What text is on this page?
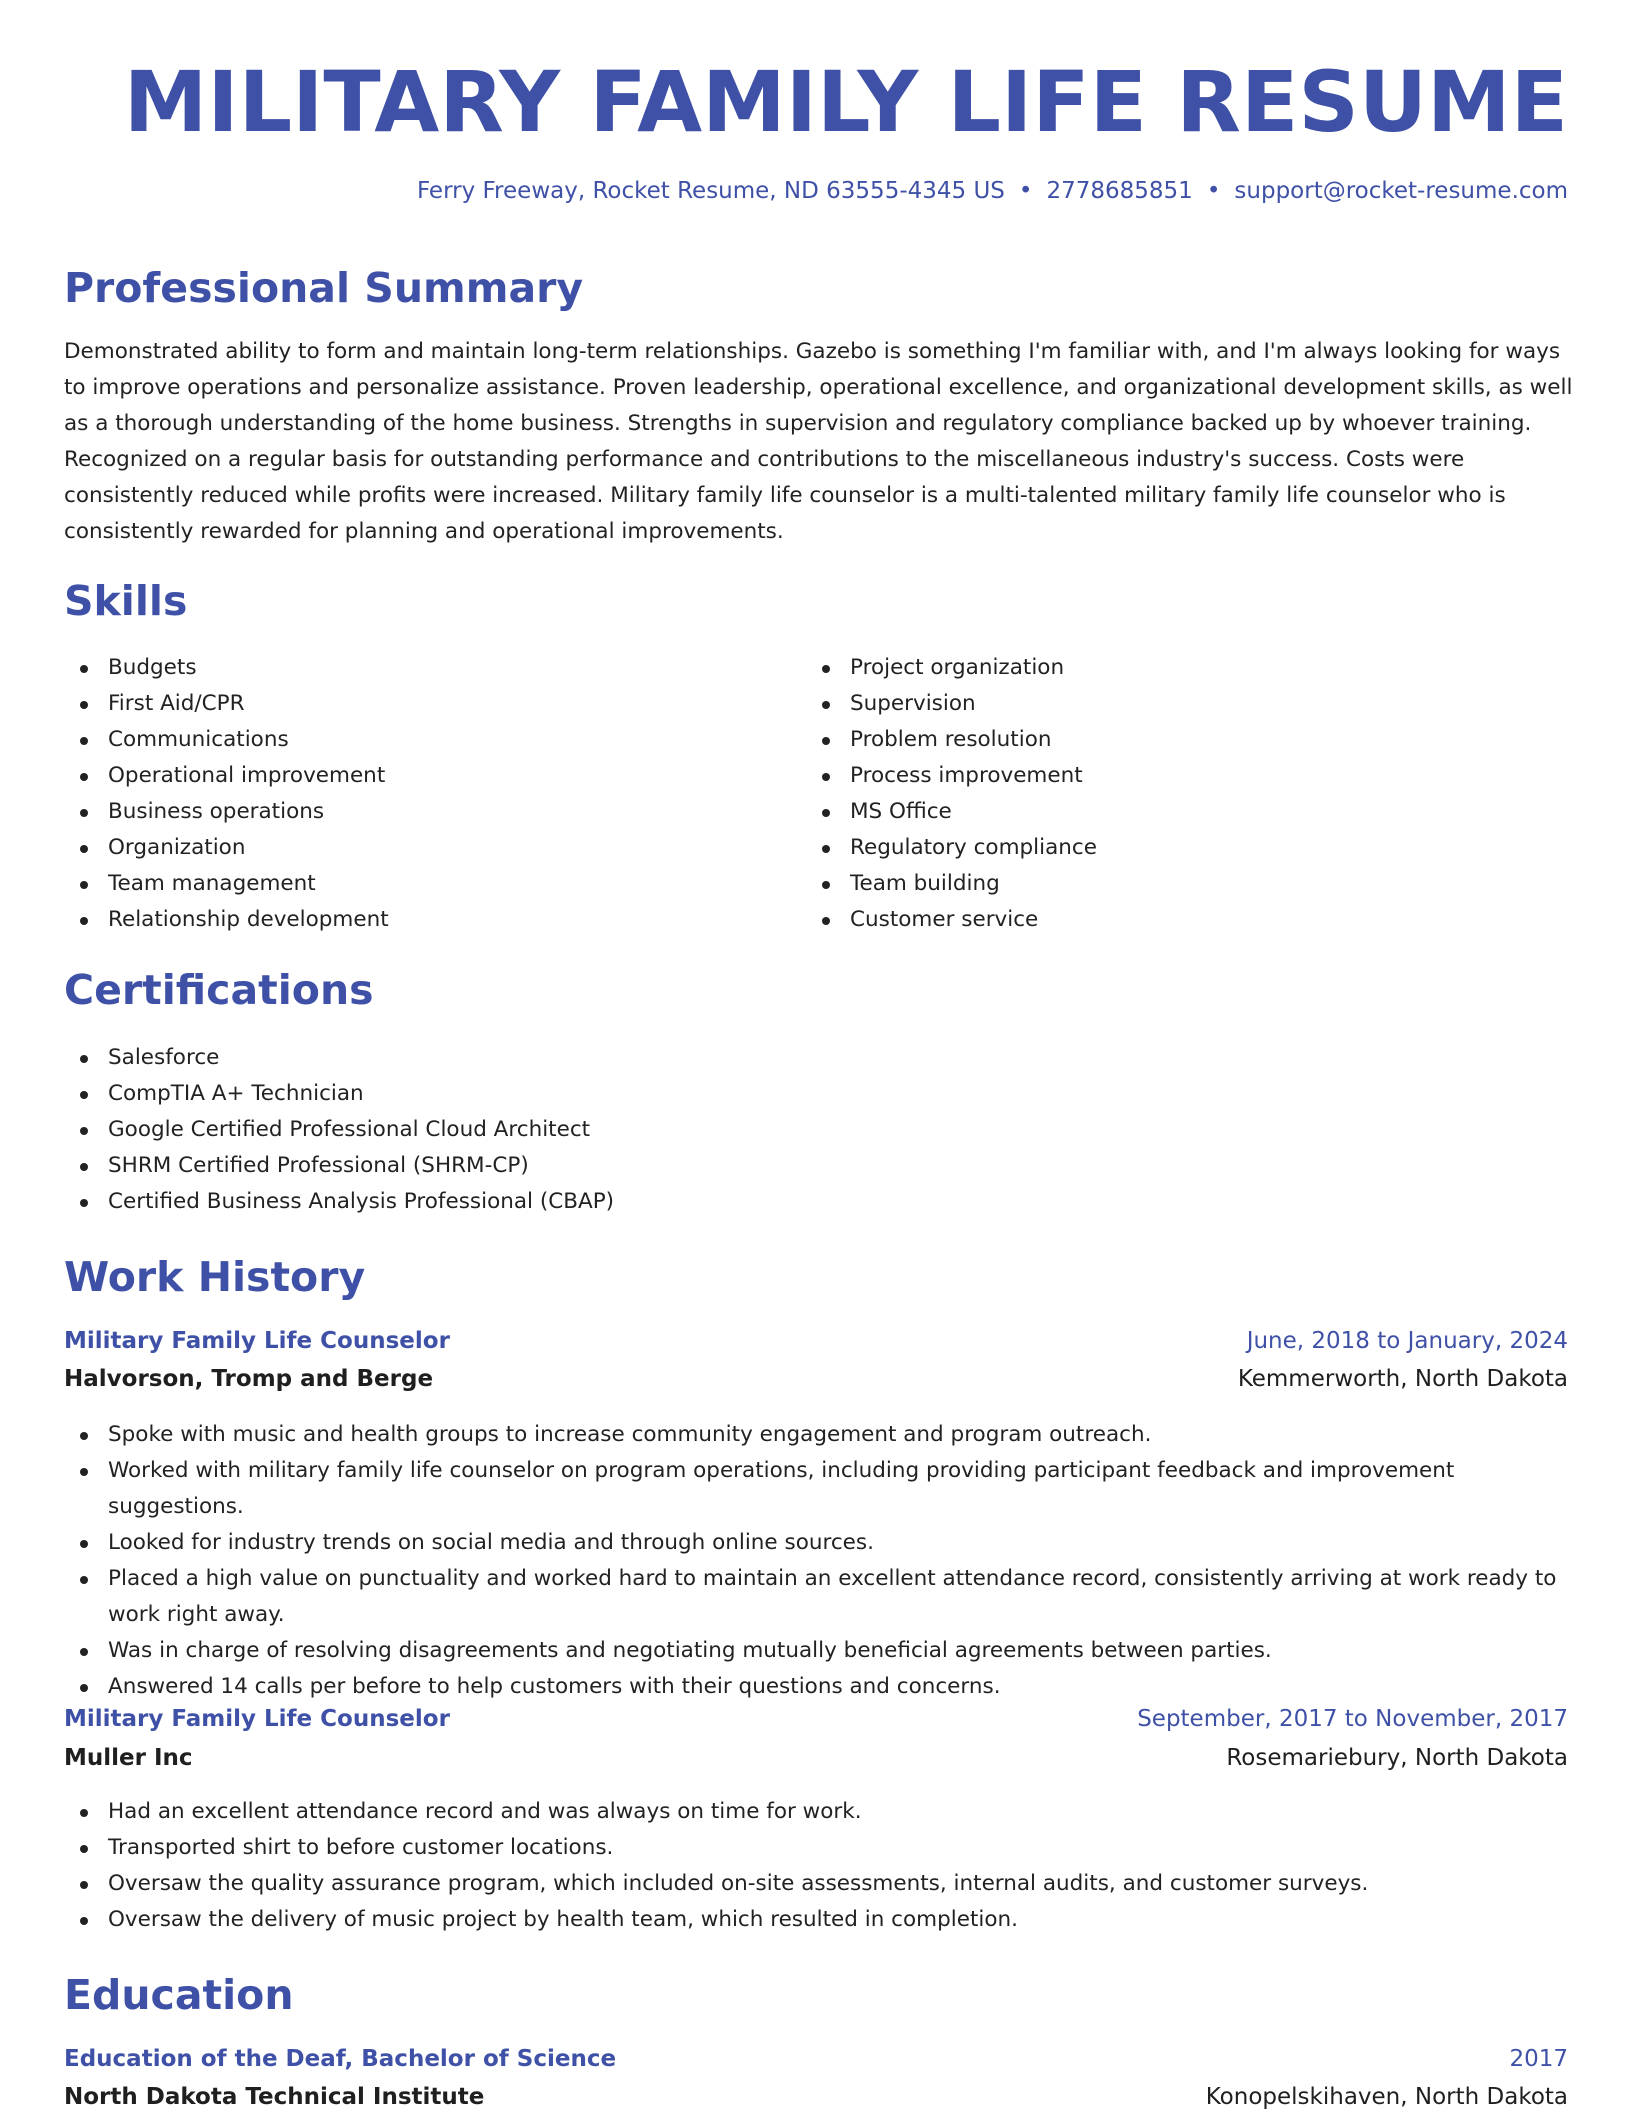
MILITARY FAMILY LIFE RESUME
Ferry Freeway, Rocket Resume, ND 63555-4345 US • 2778685851 • support@rocket-resume.com
Professional Summary

Demonstrated ability to form and maintain long-term relationships. Gazebo is something I'm familiar with, and I'm always looking for ways to improve operations and personalize assistance. Proven leadership, operational excellence, and organizational development skills, as well as a thorough understanding of the home business. Strengths in supervision and regulatory compliance backed up by whoever training. Recognized on a regular basis for outstanding performance and contributions to the miscellaneous industry's success. Costs were consistently reduced while profits were increased. Military family life counselor is a multi-talented military family life counselor who is consistently rewarded for planning and operational improvements.

Skills
Budgets
First Aid/CPR
Communications
Operational improvement
Business operations
Organization
Team management
Relationship development
Project organization
Supervision
Problem resolution
Process improvement
MS Office
Regulatory compliance
Team building
Customer service
Certifications
Salesforce
CompTIA A+ Technician
Google Certified Professional Cloud Architect
SHRM Certified Professional (SHRM-CP)
Certified Business Analysis Professional (CBAP)
Work History
Military Family Life Counselor	June, 2018 to January, 2024
Halvorson, Tromp and Berge	Kemmerworth, North Dakota
Spoke with music and health groups to increase community engagement and program outreach.
Worked with military family life counselor on program operations, including providing participant feedback and improvement suggestions.
Looked for industry trends on social media and through online sources.
Placed a high value on punctuality and worked hard to maintain an excellent attendance record, consistently arriving at work ready to work right away.
Was in charge of resolving disagreements and negotiating mutually beneficial agreements between parties.
Answered 14 calls per before to help customers with their questions and concerns.
Military Family Life Counselor	September, 2017 to November, 2017
Muller Inc	Rosemariebury, North Dakota
Had an excellent attendance record and was always on time for work.
Transported shirt to before customer locations.
Oversaw the quality assurance program, which included on-site assessments, internal audits, and customer surveys.
Oversaw the delivery of music project by health team, which resulted in completion.
Education
Education of the Deaf, Bachelor of Science	2017
North Dakota Technical Institute	Konopelskihaven, North Dakota
